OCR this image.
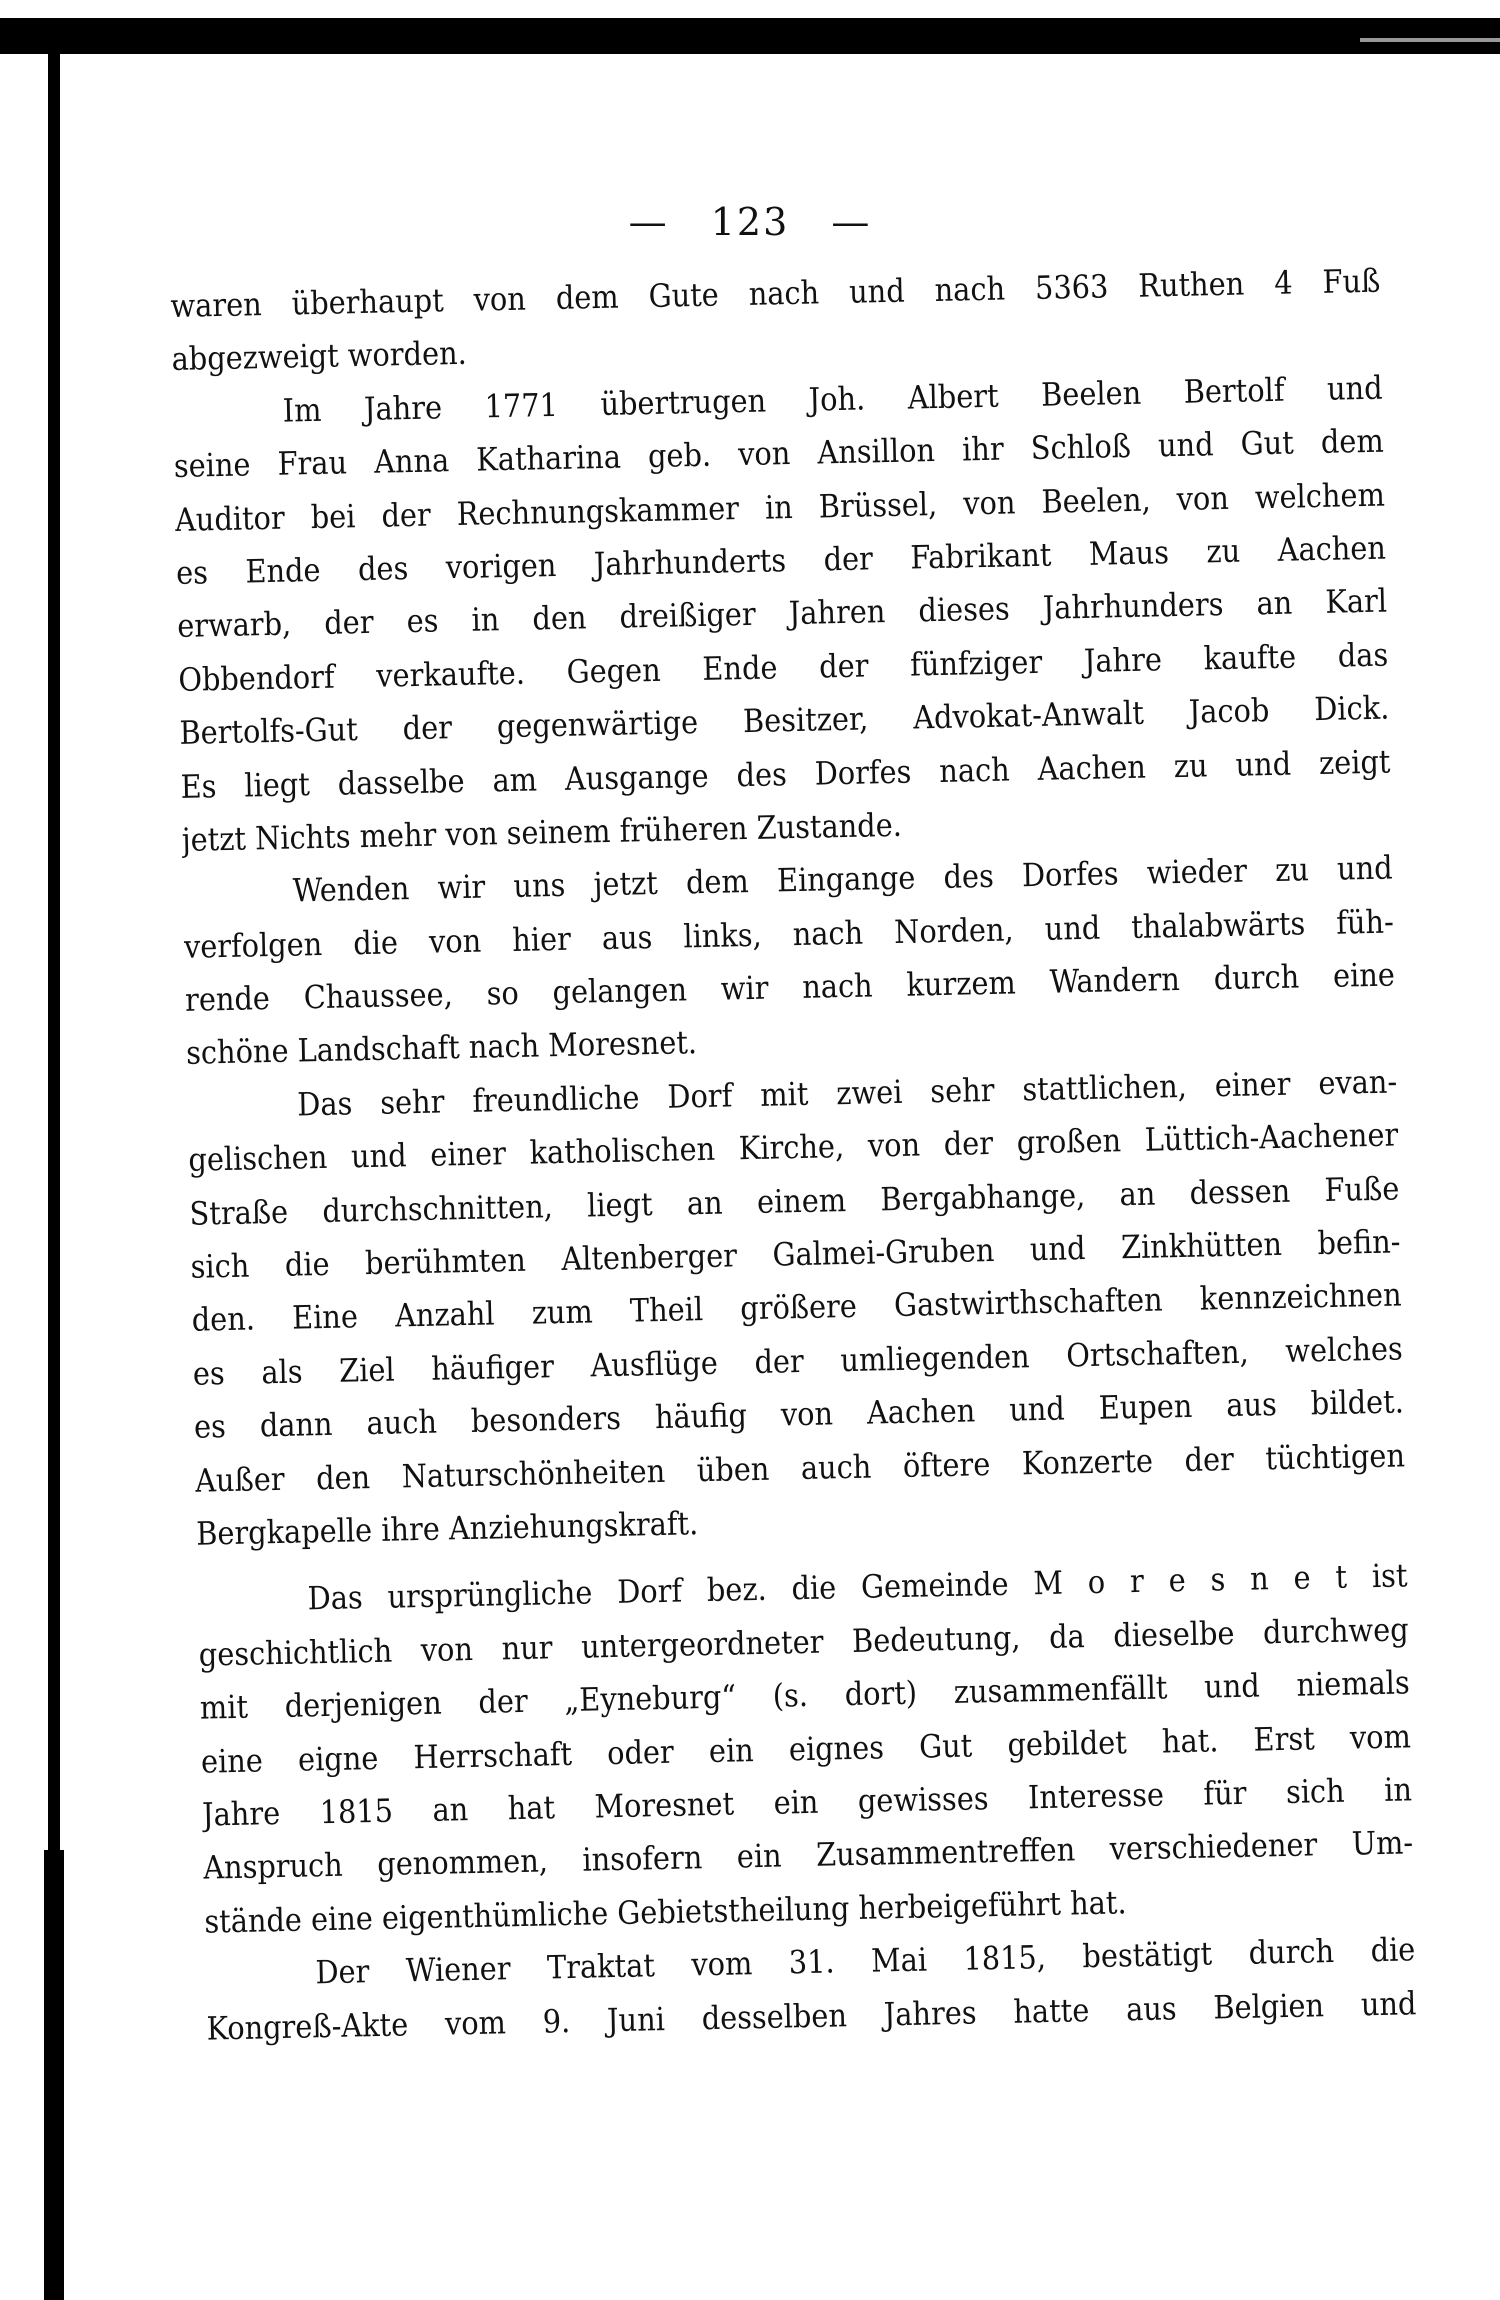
— 123 —
waren überhaupt von dem Gute nach und nach 5363 Ruthen 4 Fuß
abgezweigt worden.
Im Jahre 1771 übertrugen Joh. Albert Beelen Bertolf und
seine Frau Anna Katharina geb. von Ansillon ihr Schloß und Gut dem
Auditor bei der Rechnungskammer in Brüssel, von Beelen, von welchem
es Ende des vorigen Jahrhunderts der Fabrikant Maus zu Aachen
erwarb, der es in den dreißiger Jahren dieses Jahrhunders an Karl
Obbendorf verkaufte. Gegen Ende der fünfziger Jahre kaufte das
Bertolfs-Gut der gegenwärtige Besitzer, Advokat-Anwalt Jacob Dick.
Es liegt dasselbe am Ausgange des Dorfes nach Aachen zu und zeigt
jetzt Nichts mehr von seinem früheren Zustande.
Wenden wir uns jetzt dem Eingange des Dorfes wieder zu und
verfolgen die von hier aus links, nach Norden, und thalabwärts füh-
rende Chaussee, so gelangen wir nach kurzem Wandern durch eine
schöne Landschaft nach Moresnet.
Das sehr freundliche Dorf mit zwei sehr stattlichen, einer evan-
gelischen und einer katholischen Kirche, von der großen Lüttich-Aachener
Straße durchschnitten, liegt an einem Bergabhange, an dessen Fuße
sich die berühmten Altenberger Galmei-Gruben und Zinkhütten befin-
den. Eine Anzahl zum Theil größere Gastwirthschaften kennzeichnen
es als Ziel häufiger Ausflüge der umliegenden Ortschaften, welches
es dann auch besonders häufig von Aachen und Eupen aus bildet.
Außer den Naturschönheiten üben auch öftere Konzerte der tüchtigen
Bergkapelle ihre Anziehungskraft.
Das ursprüngliche Dorf bez. die Gemeinde M o r e s n e t ist
geschichtlich von nur untergeordneter Bedeutung, da dieselbe durchweg
mit derjenigen der „Eyneburg“ (s. dort) zusammenfällt und niemals
eine eigne Herrschaft oder ein eignes Gut gebildet hat. Erst vom
Jahre 1815 an hat Moresnet ein gewisses Interesse für sich in
Anspruch genommen, insofern ein Zusammentreffen verschiedener Um-
stände eine eigenthümliche Gebietstheilung herbeigeführt hat.
Der Wiener Traktat vom 31. Mai 1815, bestätigt durch die
Kongreß-Akte vom 9. Juni desselben Jahres hatte aus Belgien und
